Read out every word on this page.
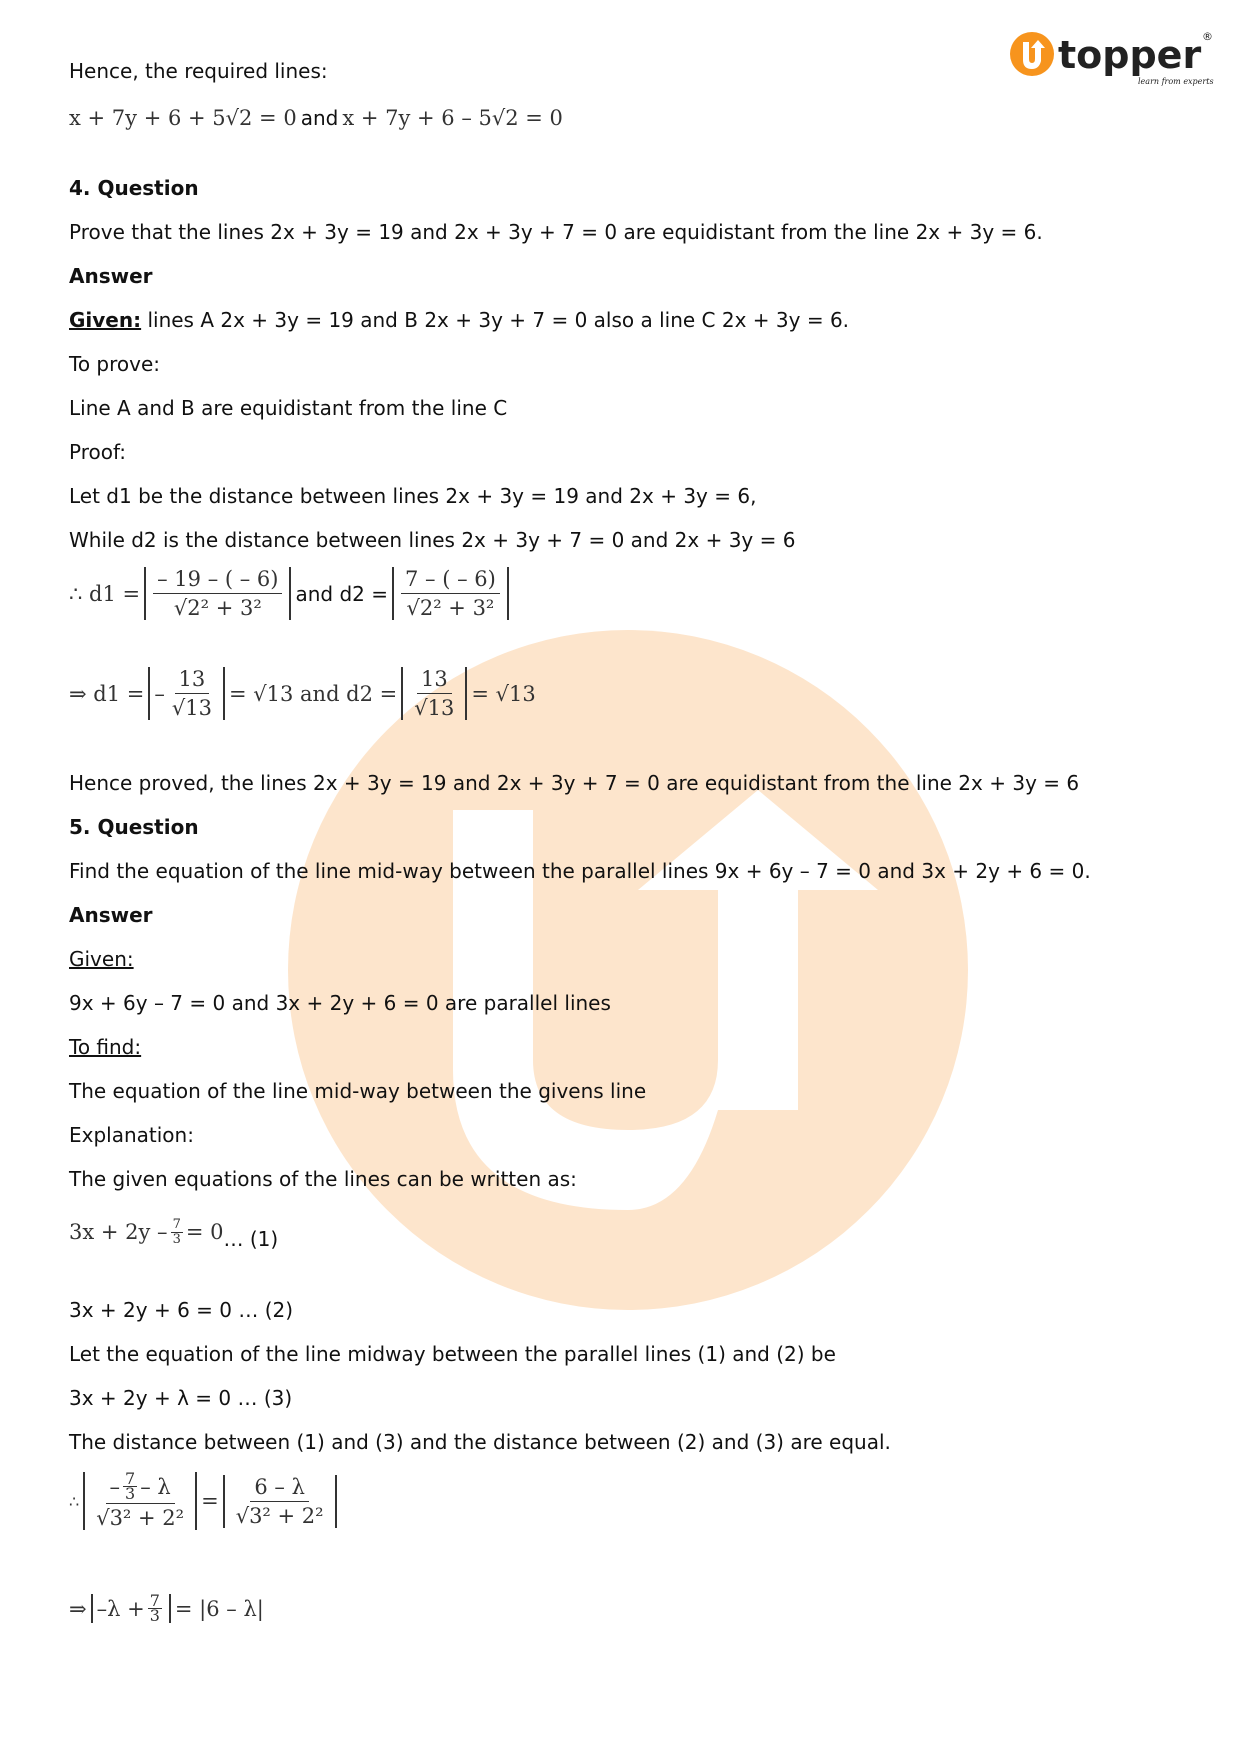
topper ®
learn from experts
Hence, the required lines:
x + 7y + 6 + 5√2 = 0 and x + 7y + 6 – 5√2 = 0
4. Question
Prove that the lines 2x + 3y = 19 and 2x + 3y + 7 = 0 are equidistant from the line 2x + 3y = 6.
Answer
Given: lines A 2x + 3y = 19 and B 2x + 3y + 7 = 0 also a line C 2x + 3y = 6.
To prove:
Line A and B are equidistant from the line C
Proof:
Let d1 be the distance between lines 2x + 3y = 19 and 2x + 3y = 6,
While d2 is the distance between lines 2x + 3y + 7 = 0 and 2x + 3y = 6
∴ $d1 = \frac{- 19 - ( - 6)}{\text{√2² + 3²}}$ and $d2 = \frac{7 - ( - 6)}{\text{√2² + 3²}}$
⇒ d1 = – $\frac{13}{√13} = √13$ and $d2 = \frac{13}{√13} = √13$
Hence proved, the lines 2x + 3y = 19 and 2x + 3y + 7 = 0 are equidistant from the line 2x + 3y = 6
5. Question
Find the equation of the line mid-way between the parallel lines 9x + 6y – 7 = 0 and 3x + 2y + 6 = 0.
Answer
Given:
9x + 6y – 7 = 0 and 3x + 2y + 6 = 0 are parallel lines
To find:
The equation of the line mid-way between the givens line
Explanation:
The given equations of the lines can be written as:
$3x + 2y - \frac{7}{3} = 0$ … (1)
3x + 2y + 6 = 0 … (2)
Let the equation of the line midway between the parallel lines (1) and (2) be
3x + 2y + λ = 0 … (3)
The distance between (1) and (3) and the distance between (2) and (3) are equal.
∴
– $\frac{7}{3}$ – λ
√3² + 2²
= $\frac{6 - \lambda}{\text{√3² + 2²}}$
⇒ $-\lambda + \frac{7}{3} = |6 - \lambda|$
